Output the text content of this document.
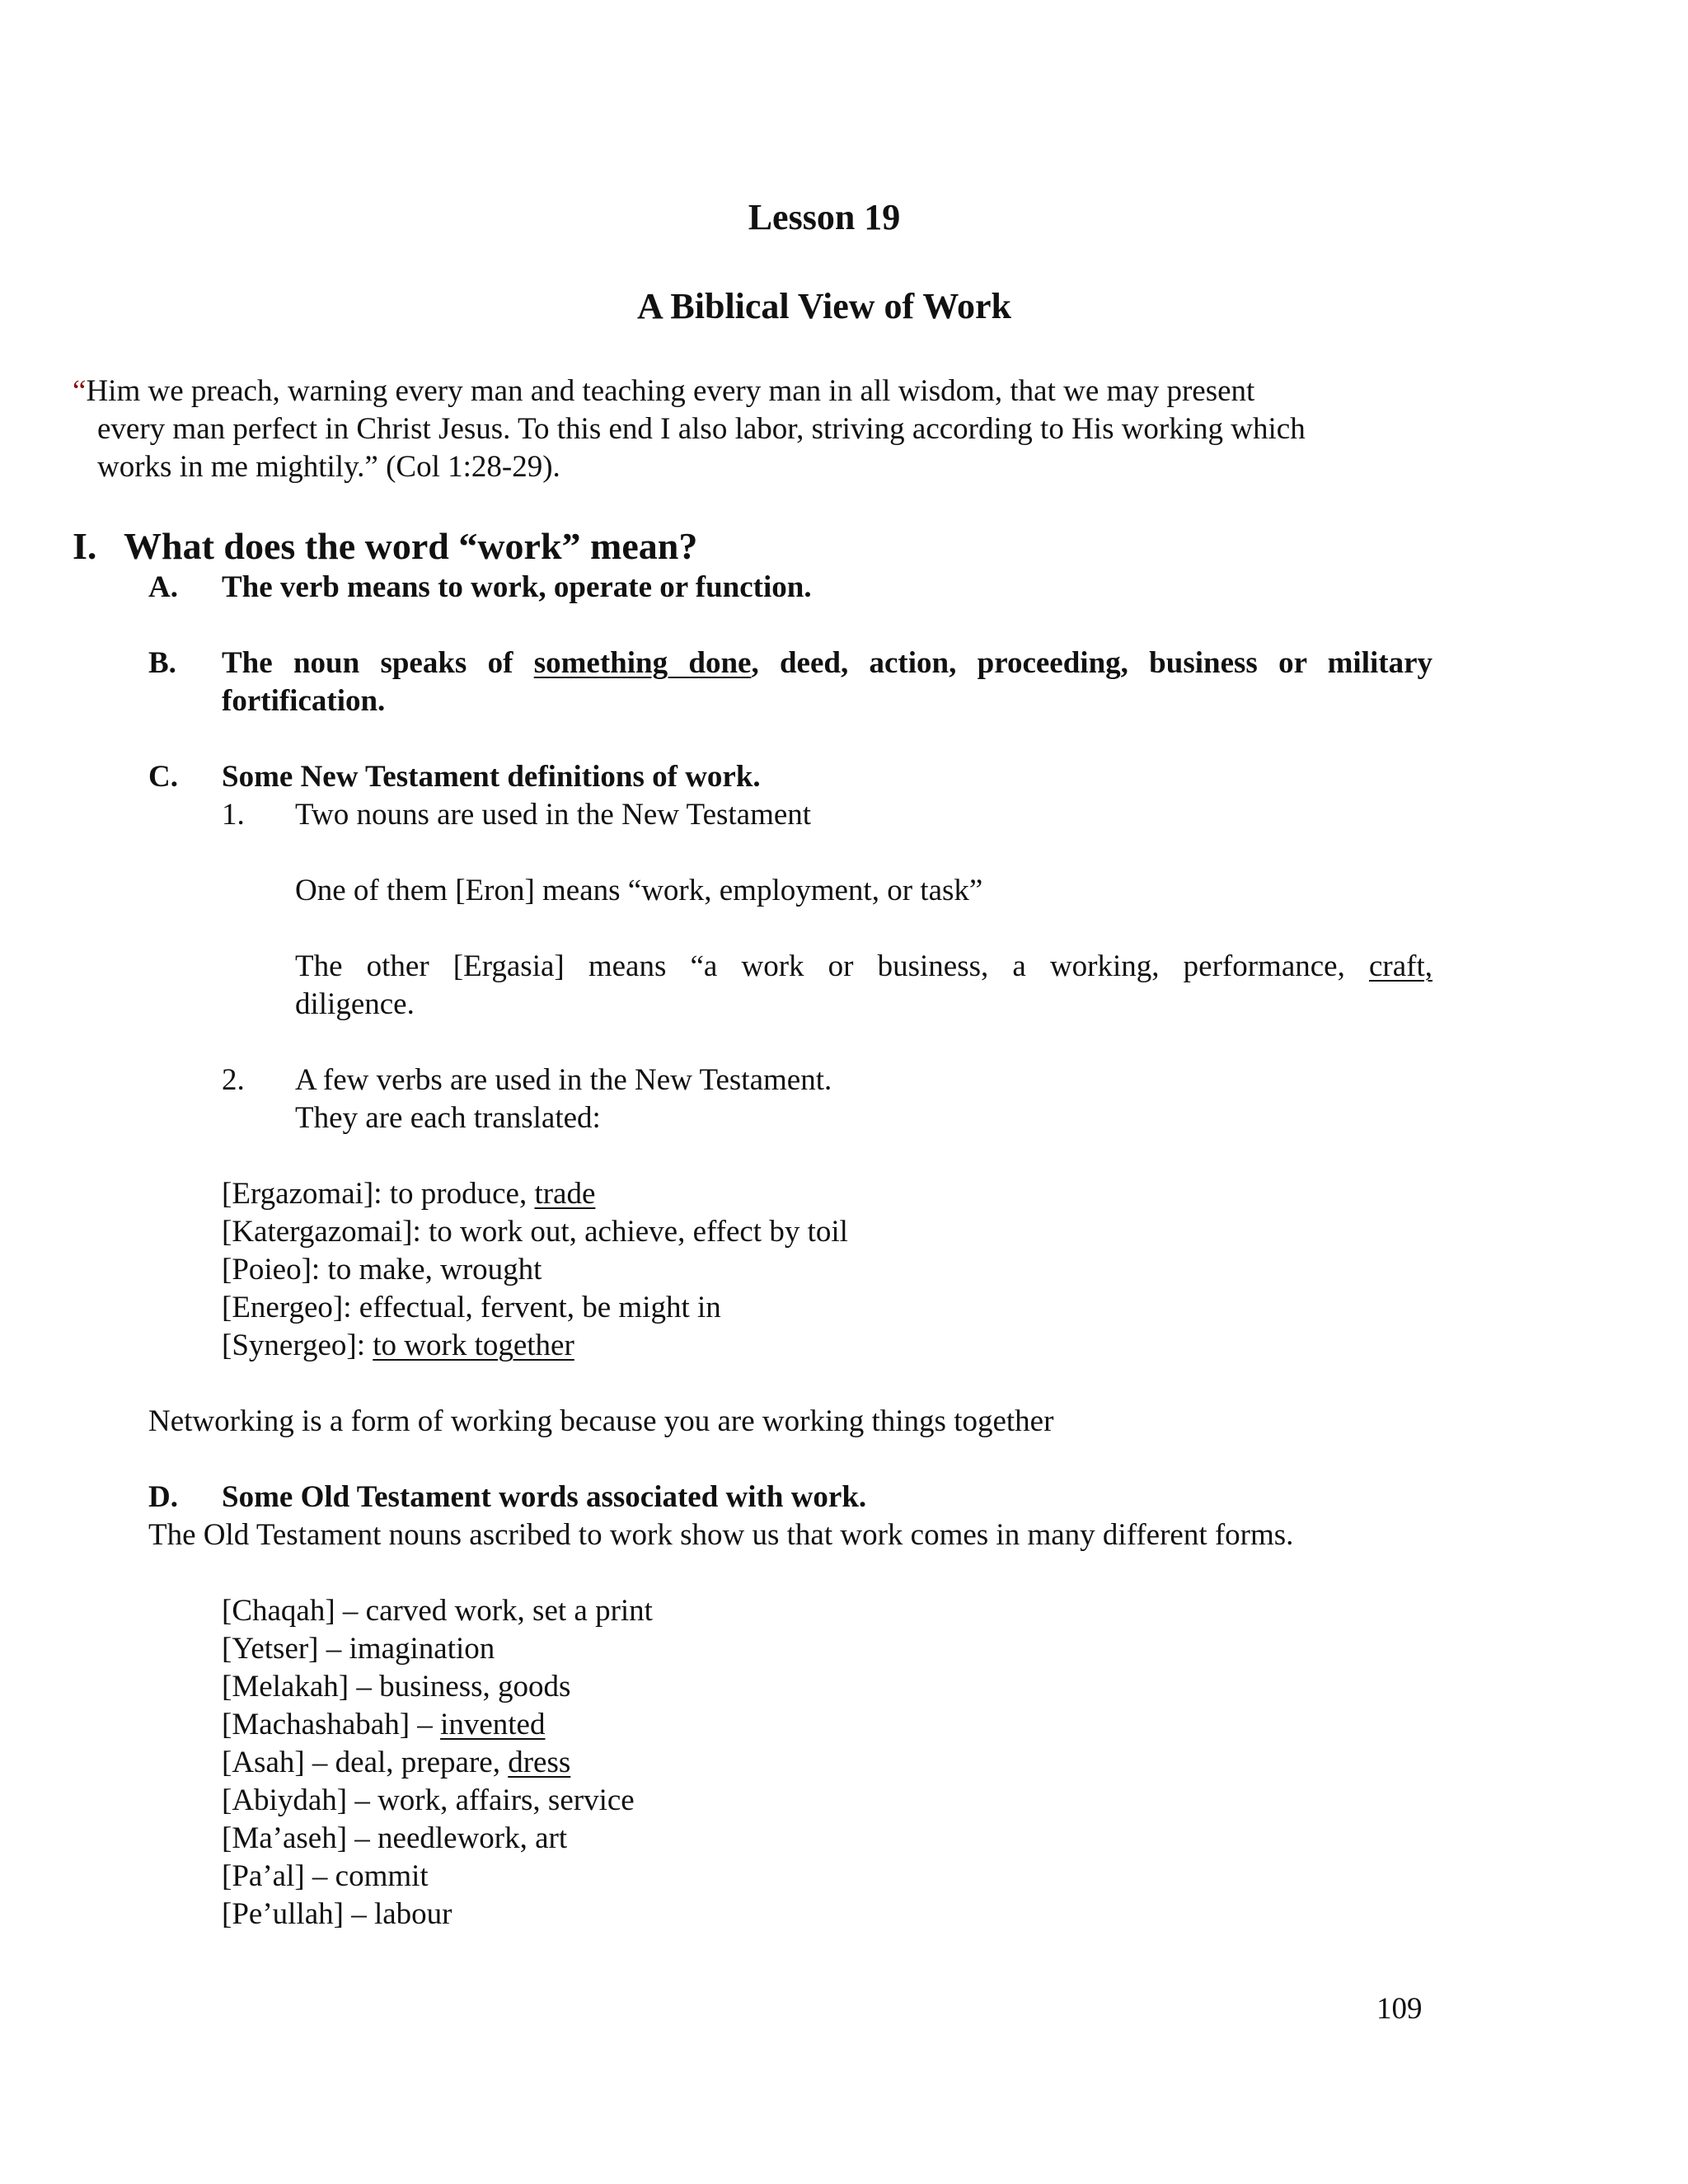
Lesson 19
A Biblical View of Work
“Him we preach, warning every man and teaching every man in all wisdom, that we may present
every man perfect in Christ Jesus. To this end I also labor, striving according to His working which
works in me mightily.” (Col 1:28-29).
I. What does the word “work” mean?
A. The verb means to work, operate or function.
B. The noun speaks of something done, deed, action, proceeding, business or military
fortification.
C. Some New Testament definitions of work.
1. Two nouns are used in the New Testament
One of them [Eron] means “work, employment, or task”
The other [Ergasia] means “a work or business, a working, performance, craft,
diligence.
2. A few verbs are used in the New Testament.
They are each translated:
[Ergazomai]: to produce, trade
[Katergazomai]: to work out, achieve, effect by toil
[Poieo]: to make, wrought
[Energeo]: effectual, fervent, be might in
[Synergeo]: to work together
Networking is a form of working because you are working things together
D. Some Old Testament words associated with work.
The Old Testament nouns ascribed to work show us that work comes in many different forms.
[Chaqah] – carved work, set a print
[Yetser] – imagination
[Melakah] – business, goods
[Machashabah] – invented
[Asah] – deal, prepare, dress
[Abiydah] – work, affairs, service
[Ma’aseh] – needlework, art
[Pa’al] – commit
[Pe’ullah] – labour
109
